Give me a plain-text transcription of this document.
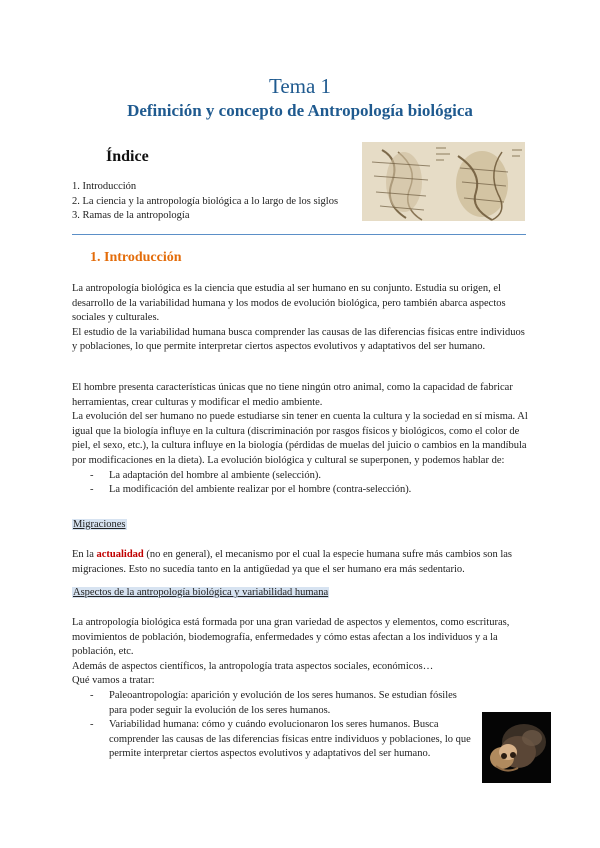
Tema 1
Definición y concepto de Antropología biológica
Índice
1. Introducción
2. La ciencia y la antropología biológica a lo largo de los siglos
3. Ramas de la antropología
1. Introducción

La antropología biológica es la ciencia que estudia al ser humano en su conjunto. Estudia su origen, el desarrollo de la variabilidad humana y los modos de evolución biológica, pero también abarca aspectos sociales y culturales.

El estudio de la variabilidad humana busca comprender las causas de las diferencias físicas entre individuos y poblaciones, lo que permite interpretar ciertos aspectos evolutivos y adaptativos del ser humano.

El hombre presenta características únicas que no tiene ningún otro animal, como la capacidad de fabricar herramientas, crear culturas y modificar el medio ambiente.

La evolución del ser humano no puede estudiarse sin tener en cuenta la cultura y la sociedad en sí misma. Al igual que la biología influye en la cultura (discriminación por rasgos físicos y biológicos, como el color de piel, el sexo, etc.), la cultura influye en la biología (pérdidas de muelas del juicio o cambios en la mandíbula por modificaciones en la dieta). La evolución biológica y cultural se superponen, y podemos hablar de:

- La adaptación del hombre al ambiente (selección).

- La modificación del ambiente realizar por el hombre (contra-selección).

Migraciones
En la actualidad (no en general), el mecanismo por el cual la especie humana sufre más cambios son las migraciones. Esto no sucedía tanto en la antigüedad ya que el ser humano era más sedentario.
Aspectos de la antropología biológica y variabilidad humana

La antropología biológica está formada por una gran variedad de aspectos y elementos, como escrituras, movimientos de población, biodemografía, enfermedades y cómo estas afectan a los individuos y a la población, etc.

Además de aspectos científicos, la antropología trata aspectos sociales, económicos…

Qué vamos a tratar:

- Paleoantropología: aparición y evolución de los seres humanos. Se estudian fósiles para poder seguir la evolución de los seres humanos.

- Variabilidad humana: cómo y cuándo evolucionaron los seres humanos. Busca comprender las causas de las diferencias físicas entre individuos y poblaciones, lo que permite interpretar ciertos aspectos evolutivos y adaptativos del ser humano.
